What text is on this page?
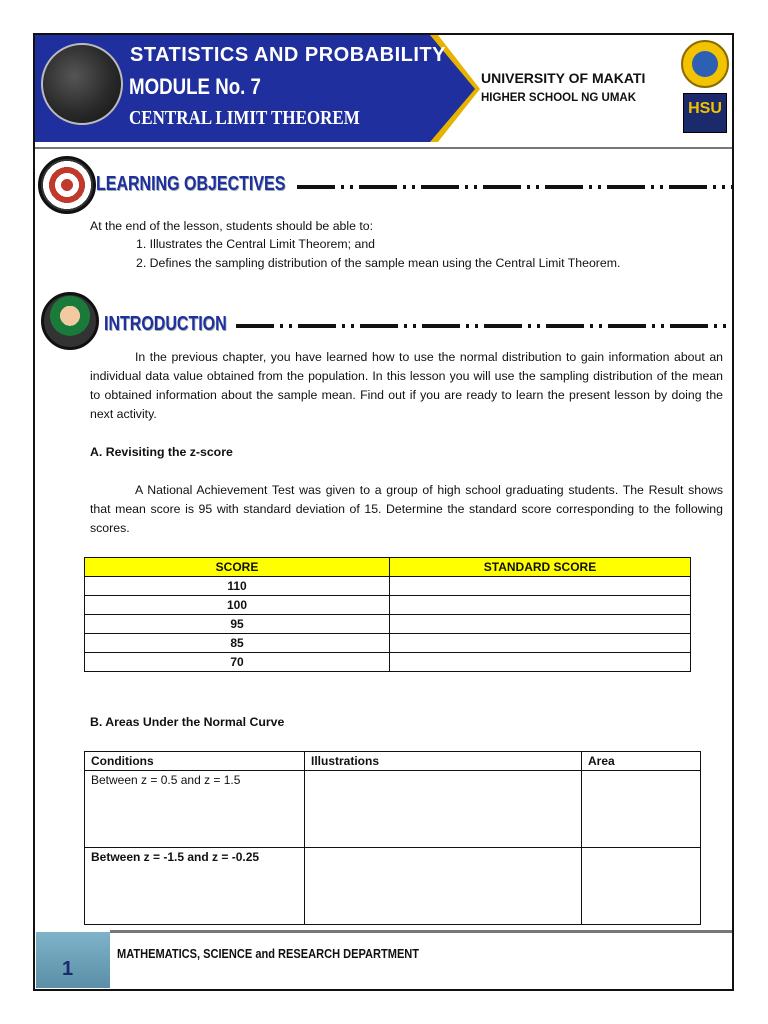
STATISTICS AND PROBABILITY
MODULE No. 7
CENTRAL LIMIT THEOREM
UNIVERSITY OF MAKATI
HIGHER SCHOOL NG UMAK
HSU
LEARNING OBJECTIVES
At the end of the lesson, students should be able to:
1. Illustrates the Central Limit Theorem; and
2. Defines the sampling distribution of the sample mean using the Central Limit Theorem.
INTRODUCTION
In the previous chapter, you have learned how to use the normal distribution to gain information about an individual data value obtained from the population. In this lesson you will use the sampling distribution of the mean to obtained information about the sample mean. Find out if you are ready to learn the present lesson by doing the next activity.
A. Revisiting the z-score
A National Achievement Test was given to a group of high school graduating students. The Result shows that mean score is 95 with standard deviation of 15. Determine the standard score corresponding to the following scores.
SCORE	STANDARD SCORE
110	
100	
95	
85	
70	
B. Areas Under the Normal Curve
Conditions	Illustrations	Area
Between z = 0.5 and z = 1.5		
Between z = -1.5 and z = -0.25		
1
MATHEMATICS, SCIENCE and RESEARCH DEPARTMENT
